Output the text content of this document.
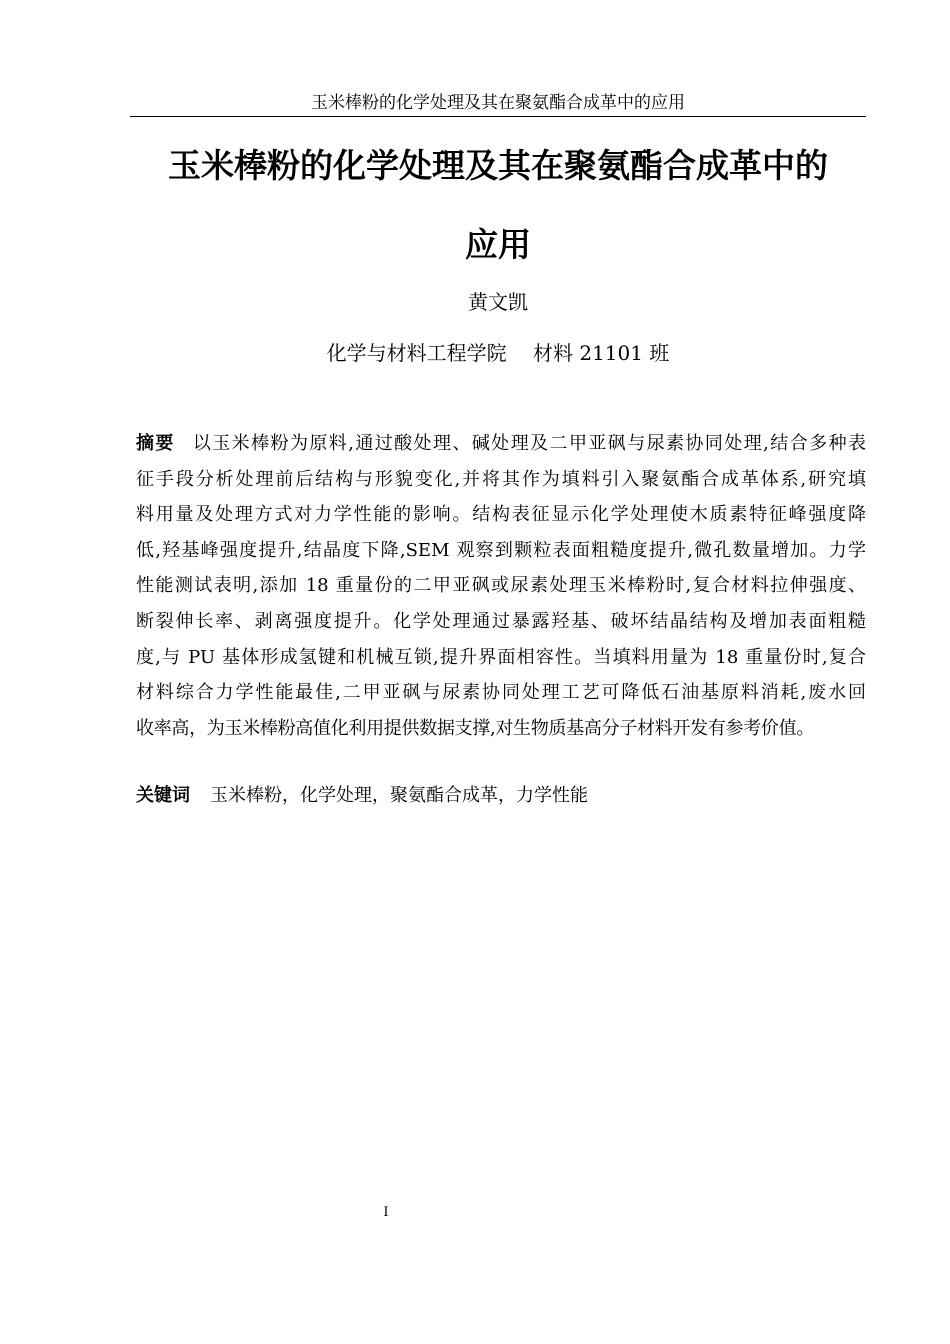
玉米棒粉的化学处理及其在聚氨酯合成革中的应用
玉米棒粉的化学处理及其在聚氨酯合成革中的
应用
黄文凯
化学与材料工程学院　 材料 21101 班
摘要 以玉米棒粉为原料,通过酸处理、碱处理及二甲亚砜与尿素协同处理,结合多种表
征手段分析处理前后结构与形貌变化,并将其作为填料引入聚氨酯合成革体系,研究填
料用量及处理方式对力学性能的影响。结构表征显示化学处理使木质素特征峰强度降
低,羟基峰强度提升,结晶度下降,SEM 观察到颗粒表面粗糙度提升,微孔数量增加。力学
性能测试表明,添加 18 重量份的二甲亚砜或尿素处理玉米棒粉时,复合材料拉伸强度、
断裂伸长率、剥离强度提升。化学处理通过暴露羟基、破坏结晶结构及增加表面粗糙
度,与 PU 基体形成氢键和机械互锁,提升界面相容性。当填料用量为 18 重量份时,复合
材料综合力学性能最佳,二甲亚砜与尿素协同处理工艺可降低石油基原料消耗,废水回
收率高，为玉米棒粉高值化利用提供数据支撑,对生物质基高分子材料开发有参考价值。
关键词 玉米棒粉，化学处理，聚氨酯合成革，力学性能
I
